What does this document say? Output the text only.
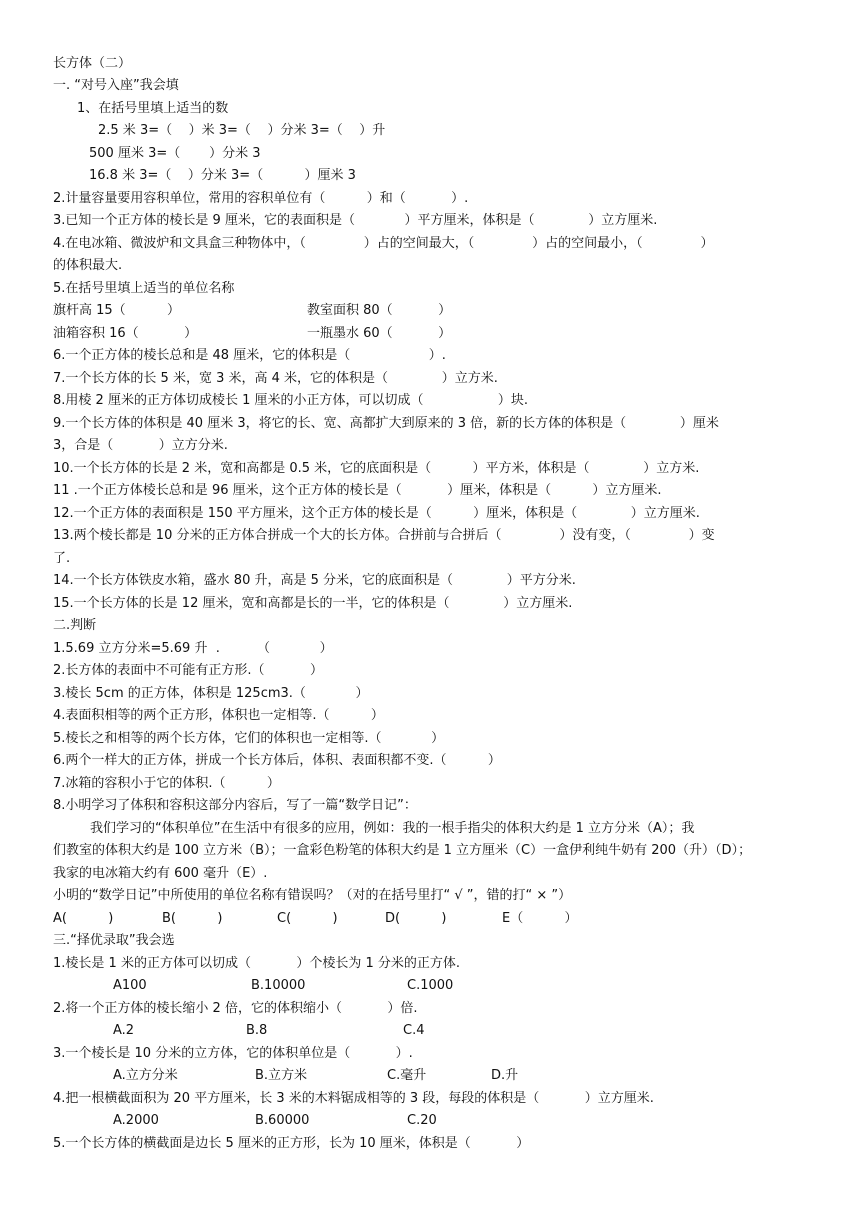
长方体（二）
一. “对号入座”我会填
1、在括号里填上适当的数
2.5 米 3=（    ）米 3=（    ）分米 3=（    ）升
500 厘米 3=（       ）分米 3
16.8 米 3=（    ）分米 3=（          ）厘米 3
2.计量容量要用容积单位，常用的容积单位有（          ）和（           ）.
3.已知一个正方体的棱长是 9 厘米，它的表面积是（            ）平方厘米，体积是（             ）立方厘米.
4.在电冰箱、微波炉和文具盒三种物体中，（              ）占的空间最大，（              ）占的空间最小，（              ）
的体积最大.
5.在括号里填上适当的单位名称
旗杆高 15（          ）	教室面积 80（           ）
油箱容积 16（           ）	一瓶墨水 60（           ）
6.一个正方体的棱长总和是 48 厘米，它的体积是（                   ）.
7.一个长方体的长 5 米，宽 3 米，高 4 米，它的体积是（             ）立方米.
8.用棱 2 厘米的正方体切成棱长 1 厘米的小正方体，可以切成（                  ）块.
9.一个长方体的体积是 40 厘米 3，将它的长、宽、高都扩大到原来的 3 倍，新的长方体的体积是（             ）厘米
3，合是（           ）立方分米.
10.一个长方体的长是 2 米，宽和高都是 0.5 米，它的底面积是（          ）平方米，体积是（             ）立方米.
11 .一个正方体棱长总和是 96 厘米，这个正方体的棱长是（           ）厘米，体积是（          ）立方厘米.
12.一个正方体的表面积是 150 平方厘米，这个正方体的棱长是（          ）厘米，体积是（             ）立方厘米.
13.两个棱长都是 10 分米的正方体合拼成一个大的长方体。合拼前与合拼后（              ）没有变，（              ）变
了.
14.一个长方体铁皮水箱，盛水 80 升，高是 5 分米，它的底面积是（             ）平方分米.
15.一个长方体的长是 12 厘米，宽和高都是长的一半，它的体积是（             ）立方厘米.
二.判断
1.5.69 立方分米=5.69 升  .         （            ）
2.长方体的表面中不可能有正方形.（           ）
3.棱长 5cm 的正方体，体积是 125cm3.（            ）
4.表面积相等的两个正方形，体积也一定相等.（          ）
5.棱长之和相等的两个长方体，它们的体积也一定相等.（            ）
6.两个一样大的正方体，拼成一个长方体后，体积、表面积都不变.（          ）
7.冰箱的容积小于它的体积.（          ）
8.小明学习了体积和容积这部分内容后，写了一篇“数学日记”：
我们学习的“体积单位”在生活中有很多的应用，例如：我的一根手指尖的体积大约是 1 立方分米（A）；我
们教室的体积大约是 100 立方米（B）；一盒彩色粉笔的体积大约是 1 立方厘米（C）一盒伊利纯牛奶有 200（升）（D）；
我家的电冰箱大约有 600 毫升（E）.
小明的“数学日记”中所使用的单位名称有错误吗？（对的在括号里打“ √ ”，错的打“ × ”）
A(          )	B(          )	C(          )	D(          )	E（          ）
三.“择优录取”我会选
1.棱长是 1 米的正方体可以切成（           ）个棱长为 1 分米的正方体.
A100	B.10000	C.1000
2.将一个正方体的棱长缩小 2 倍，它的体积缩小（           ）倍.
A.2	B.8	C.4
3.一个棱长是 10 分米的立方体，它的体积单位是（           ）.
A.立方分米	B.立方米	C.毫升	D.升
4.把一根横截面积为 20 平方厘米，长 3 米的木料锯成相等的 3 段，每段的体积是（           ）立方厘米.
A.2000	B.60000	C.20
5.一个长方体的横截面是边长 5 厘米的正方形，长为 10 厘米，体积是（           ）
